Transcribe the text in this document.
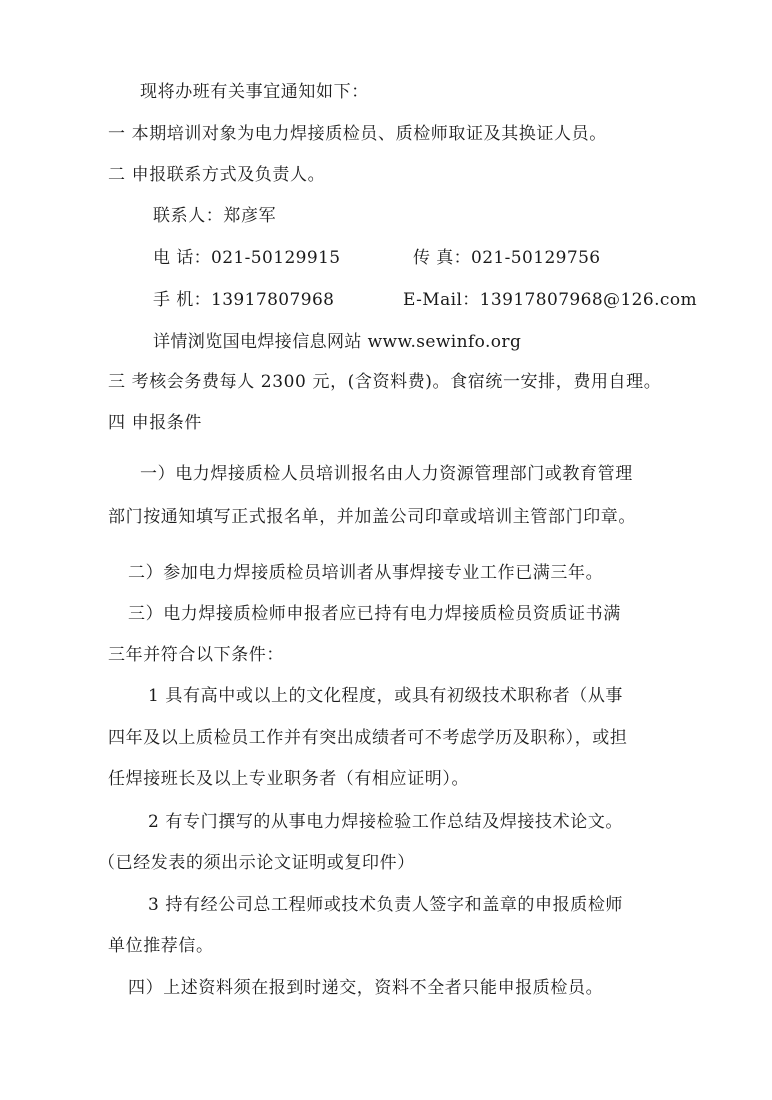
现将办班有关事宜通知如下：
一 本期培训对象为电力焊接质检员、质检师取证及其换证人员。
二 申报联系方式及负责人。
联系人：郑彦军
电 话：021-50129915	传 真：021-50129756
手 机：13917807968	E-Mail：13917807968@126.com
详情浏览国电焊接信息网站 www.sewinfo.org
三 考核会务费每人 2300 元，(含资料费)。食宿统一安排，费用自理。
四 申报条件
一）电力焊接质检人员培训报名由人力资源管理部门或教育管理
部门按通知填写正式报名单，并加盖公司印章或培训主管部门印章。
二）参加电力焊接质检员培训者从事焊接专业工作已满三年。
三）电力焊接质检师申报者应已持有电力焊接质检员资质证书满
三年并符合以下条件：
1 具有高中或以上的文化程度，或具有初级技术职称者（从事
四年及以上质检员工作并有突出成绩者可不考虑学历及职称），或担
任焊接班长及以上专业职务者（有相应证明）。
2 有专门撰写的从事电力焊接检验工作总结及焊接技术论文。
（已经发表的须出示论文证明或复印件）
3 持有经公司总工程师或技术负责人签字和盖章的申报质检师
单位推荐信。
四）上述资料须在报到时递交，资料不全者只能申报质检员。
